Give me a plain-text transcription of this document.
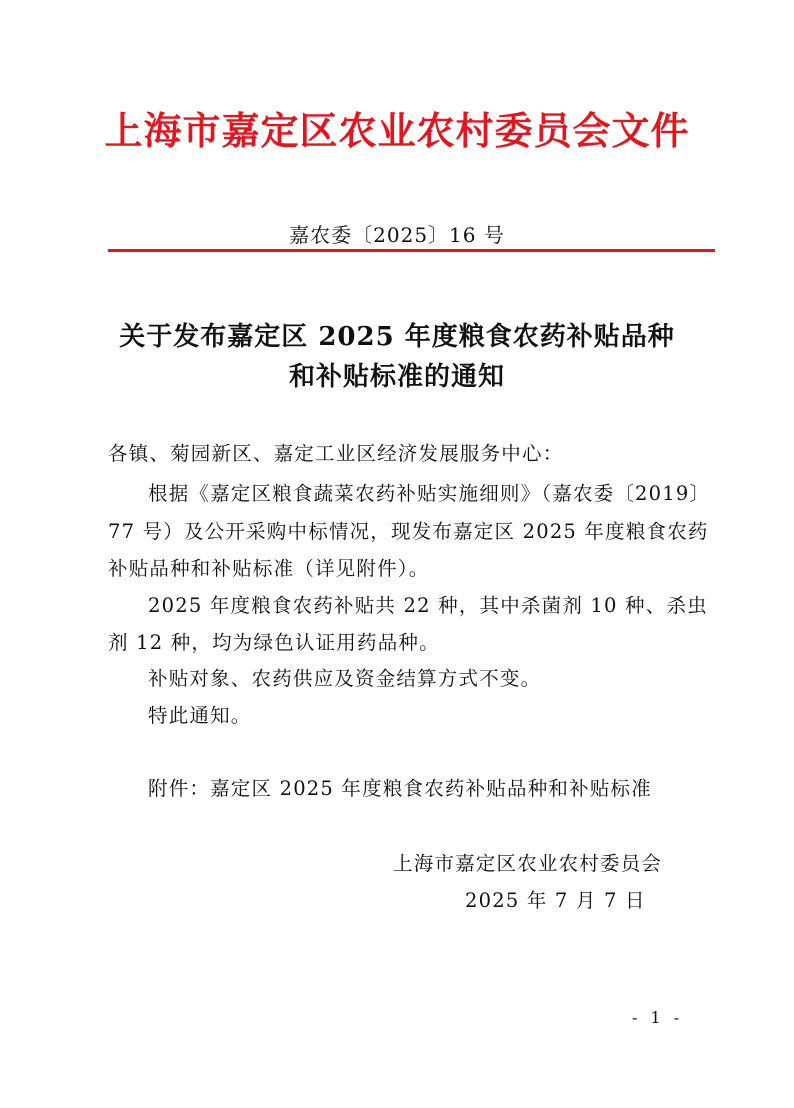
上海市嘉定区农业农村委员会文件
嘉农委〔2025〕16 号
关于发布嘉定区 2025 年度粮食农药补贴品种
和补贴标准的通知
各镇、菊园新区、嘉定工业区经济发展服务中心：
根据《嘉定区粮食蔬菜农药补贴实施细则》（嘉农委〔2019〕
77 号）及公开采购中标情况，现发布嘉定区 2025 年度粮食农药
补贴品种和补贴标准（详见附件）。
2025 年度粮食农药补贴共 22 种，其中杀菌剂 10 种、杀虫
剂 12 种，均为绿色认证用药品种。
补贴对象、农药供应及资金结算方式不变。
特此通知。
附件：嘉定区 2025 年度粮食农药补贴品种和补贴标准
上海市嘉定区农业农村委员会
2025 年 7 月 7 日
- 1 -
